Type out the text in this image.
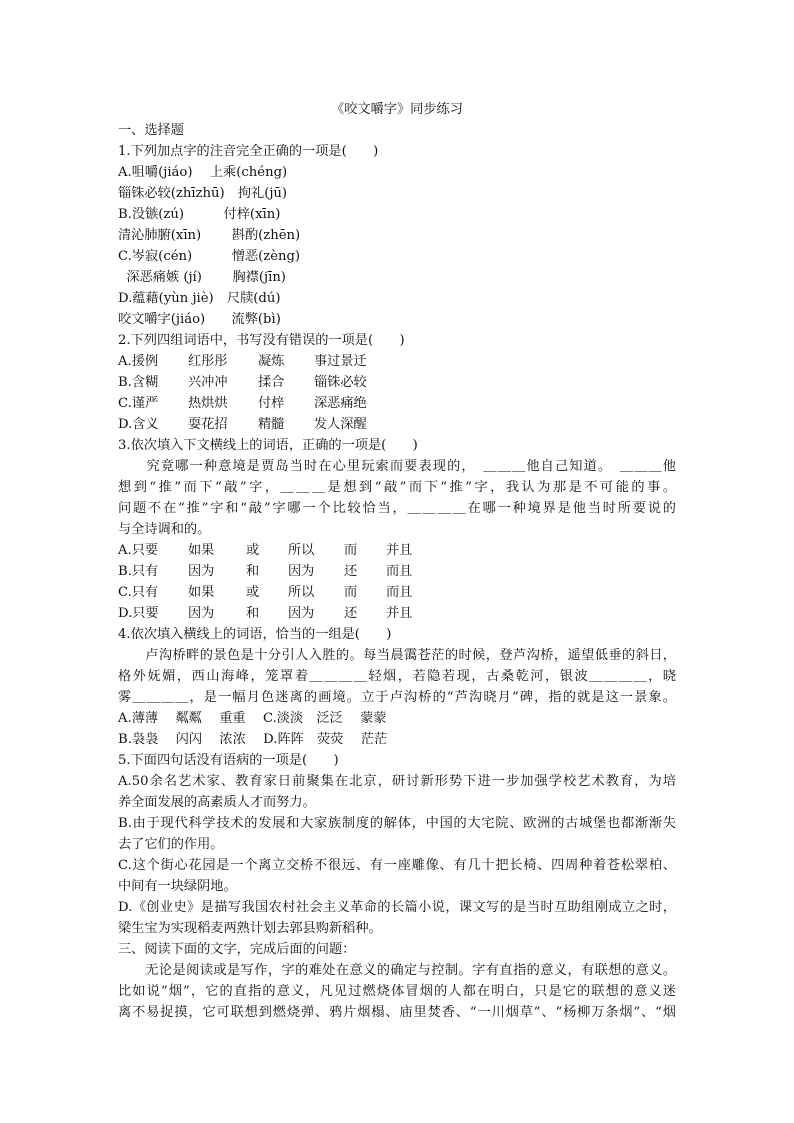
《咬文嚼字》同步练习
一、选择题
1.下列加点字的注音完全正确的一项是(　　)
A.咀嚼(jiáo)　 上乘(chéng)
锱铢必较(zhīzhū)　拘礼(jū)
B.没镞(zú)　　　付梓(xīn)
清沁肺腑(xīn)　　 斟酌(zhēn)
C.岑寂(cén)　　　憎恶(zèng)
深恶痛嫉 (jí)　　 胸襟(jīn)
D.蕴藉(yùn jiè)　尺牍(dú)
咬文嚼字(jiáo)　　流弊(bì)
2.下列四组词语中，书写没有错误的一项是(　　)
A.援例 红彤彤 凝炼 事过景迁
B.含糊 兴冲冲 揉合 锱铢必较
C.谨严 热烘烘 付梓 深恶痛绝
D.含义 耍花招 精髓 发人深醒
3.依次填入下文横线上的词语，正确的一项是(　　)
　　究竟哪一种意境是贾岛当时在心里玩索而要表现的，　＿＿＿他自己知道。　＿＿＿他
想到“推”而下“敲”字，＿＿＿是想到“敲”而下“推”字，我认为那是不可能的事。
问题不在“推”字和“敲”字哪一个比较恰当，＿＿＿＿在哪一种境界是他当时所要说的
与全诗调和的。
A.只要 如果 或 所以 而 并且
B.只有 因为 和 因为 还 而且
C.只有 如果 或 所以 而 而且
D.只要 因为 和 因为 还 并且
4.依次填入横线上的词语，恰当的一组是(　　)
　　卢沟桥畔的景色是十分引人入胜的。每当晨霭苍茫的时候，登芦沟桥，遥望低垂的斜日，
格外妩媚，西山海峰，笼罩着＿＿＿＿轻烟，若隐若现，古桑乾河，银波＿＿＿＿，晓
雾＿＿＿＿，是一幅月色迷离的画境。立于卢沟桥的“芦沟晓月”碑，指的就是这一景象。
A.薄薄　 粼粼　 重重　 C.淡淡　泛泛　 蒙蒙
B.袅袅　 闪闪　 浓浓　 D.阵阵　荧荧　 茫茫
5.下面四句话没有语病的一项是(　　)
A.50余名艺术家、教育家日前聚集在北京，研讨新形势下进一步加强学校艺术教育，为培
养全面发展的高素质人才而努力。
B.由于现代科学技术的发展和大家族制度的解体，中国的大宅院、欧洲的古城堡也都渐渐失
去了它们的作用。
C.这个街心花园是一个离立交桥不很远、有一座雕像、有几十把长椅、四周种着苍松翠柏、
中间有一块绿阴地。
D.《创业史》是描写我国农村社会主义革命的长篇小说，课文写的是当时互助组刚成立之时，
梁生宝为实现稻麦两熟计划去郭县购新稻种。
三、阅读下面的文字，完成后面的问题：
　　无论是阅读或是写作，字的难处在意义的确定与控制。字有直指的意义，有联想的意义。
比如说“烟”，它的直指的意义，凡见过燃烧体冒烟的人都在明白，只是它的联想的意义迷
离不易捉摸，它可联想到燃烧弹、鸦片烟榻、庙里焚香、“一川烟草”、“杨柳万条烟”、“烟
